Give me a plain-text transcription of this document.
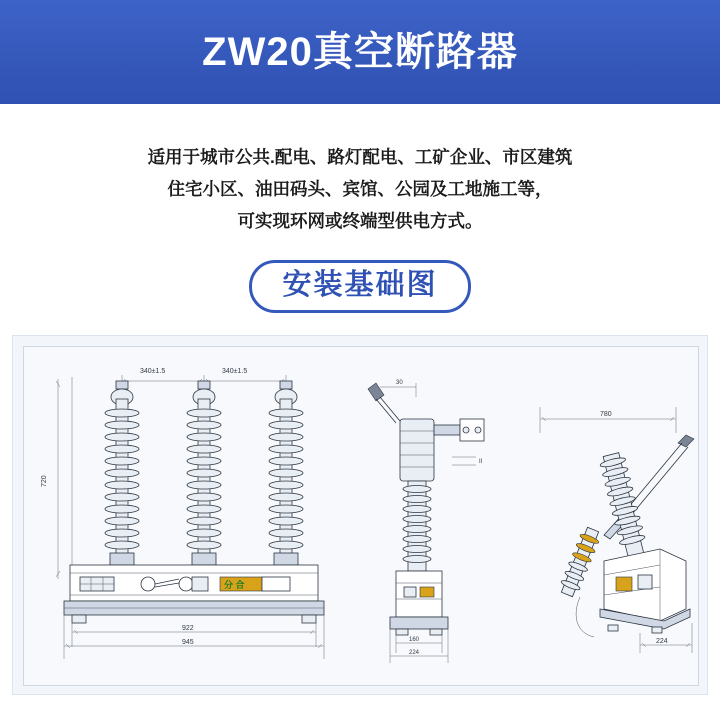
ZW20真空断路器
适用于城市公共.配电、路灯配电、工矿企业、市区建筑
住宅小区、油田码头、宾馆、公园及工地施工等，
可实现环网或终端型供电方式。
安装基础图
340±1.5	340±1.5
720
分 合
922
945
30
II
160
224
780
224
